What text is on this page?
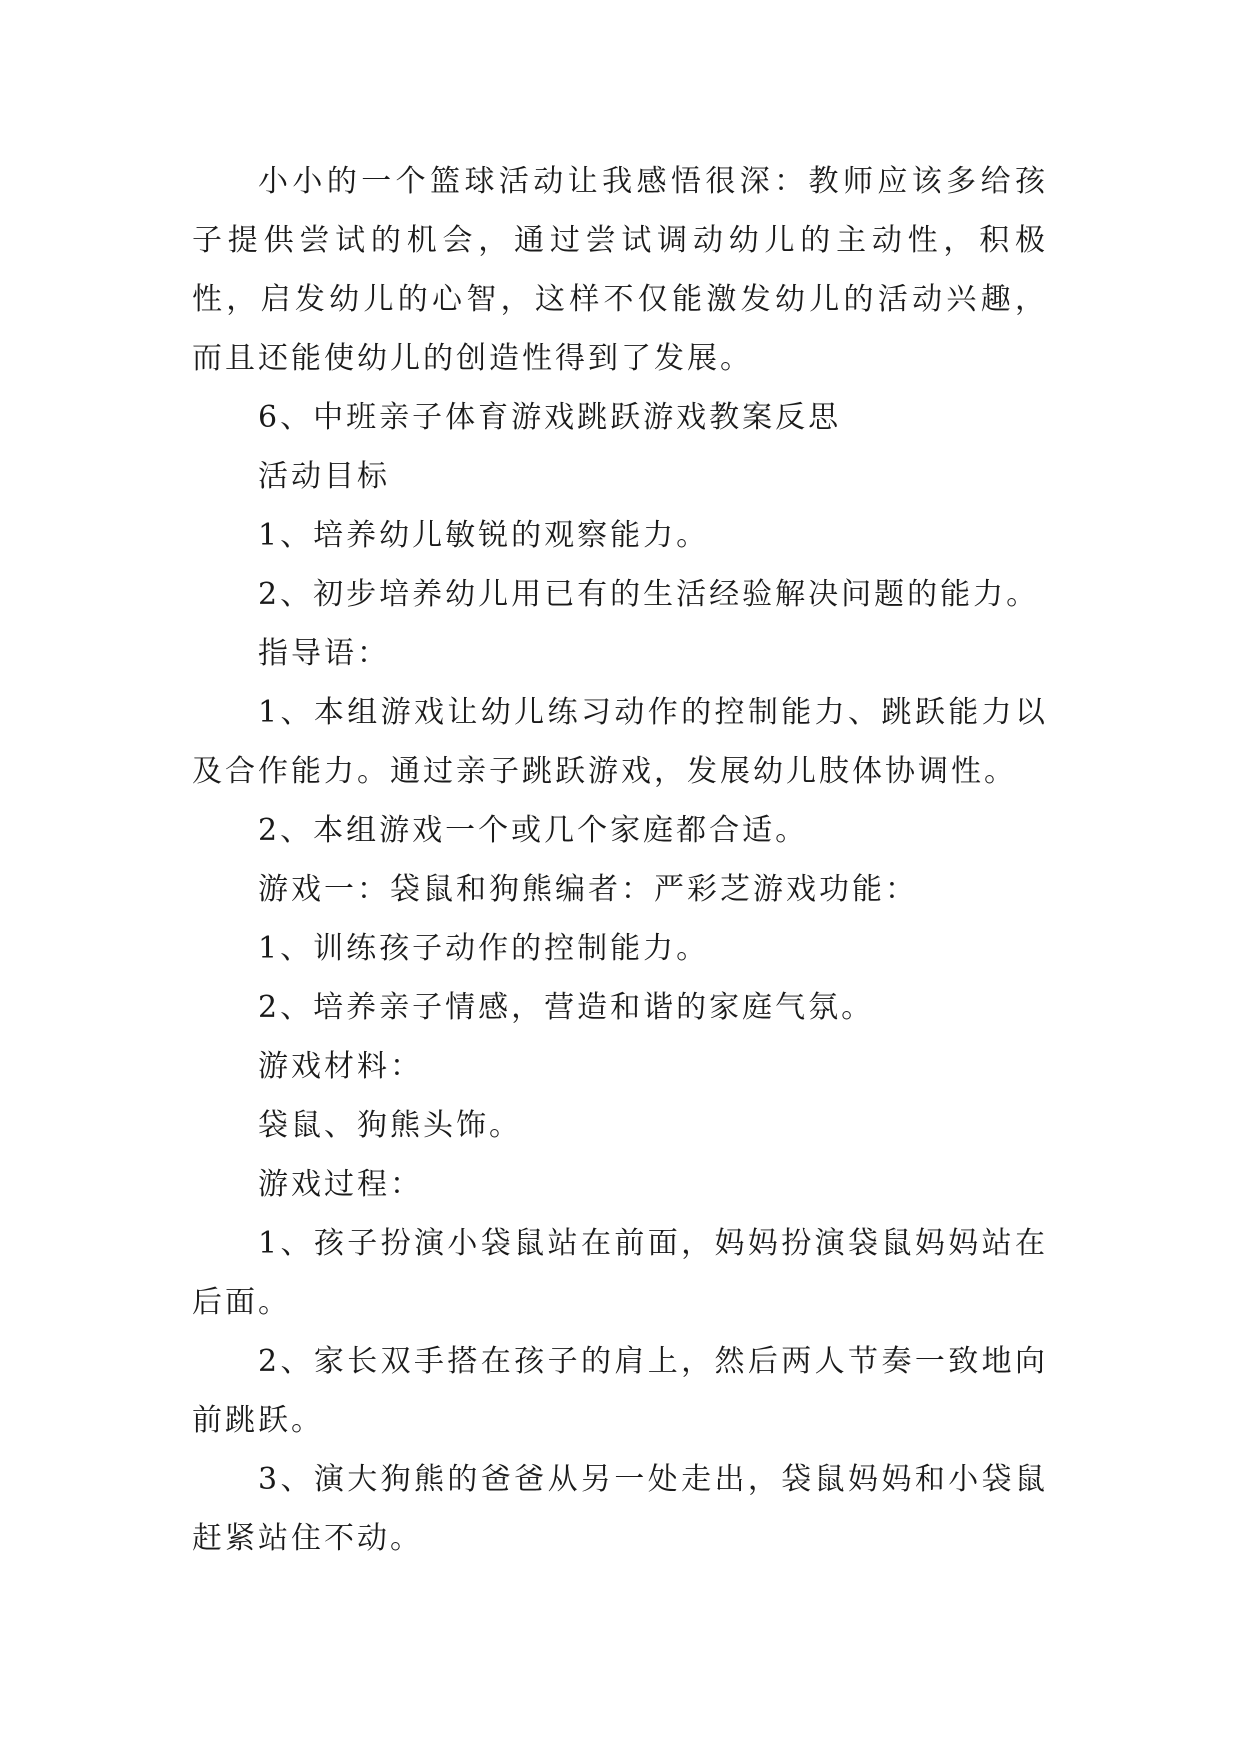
小小的一个篮球活动让我感悟很深：教师应该多给孩子提供尝试的机会，通过尝试调动幼儿的主动性，积极性，启发幼儿的心智，这样不仅能激发幼儿的活动兴趣，而且还能使幼儿的创造性得到了发展。

6、中班亲子体育游戏跳跃游戏教案反思

活动目标

1、培养幼儿敏锐的观察能力。

2、初步培养幼儿用已有的生活经验解决问题的能力。

指导语：

1、本组游戏让幼儿练习动作的控制能力、跳跃能力以及合作能力。通过亲子跳跃游戏，发展幼儿肢体协调性。

2、本组游戏一个或几个家庭都合适。

游戏一：袋鼠和狗熊编者：严彩芝游戏功能：

1、训练孩子动作的控制能力。

2、培养亲子情感，营造和谐的家庭气氛。

游戏材料：

袋鼠、狗熊头饰。

游戏过程：

1、孩子扮演小袋鼠站在前面，妈妈扮演袋鼠妈妈站在后面。

2、家长双手搭在孩子的肩上，然后两人节奏一致地向前跳跃。

3、演大狗熊的爸爸从另一处走出，袋鼠妈妈和小袋鼠赶紧站住不动。
